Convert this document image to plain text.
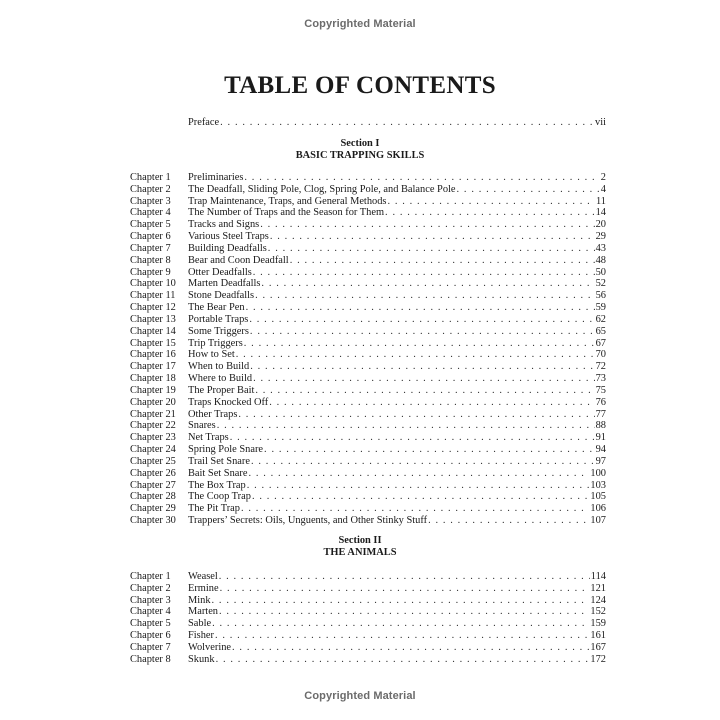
Copyrighted Material
TABLE OF CONTENTS
Preface . . .	vii
Section I
BASIC TRAPPING SKILLS
Chapter 1	Preliminaries . . .	2
Chapter 2	The Deadfall, Sliding Pole, Clog, Spring Pole, and Balance Pole . . .	4
Chapter 3	Trap Maintenance, Traps, and General Methods . . .	11
Chapter 4	The Number of Traps and the Season for Them . . .	14
Chapter 5	Tracks and Signs . . .	20
Chapter 6	Various Steel Traps . . .	29
Chapter 7	Building Deadfalls . . .	43
Chapter 8	Bear and Coon Deadfall . . .	48
Chapter 9	Otter Deadfalls . . .	50
Chapter 10	Marten Deadfalls . . .	52
Chapter 11	Stone Deadfalls . . .	56
Chapter 12	The Bear Pen . . .	59
Chapter 13	Portable Traps . . .	62
Chapter 14	Some Triggers . . .	65
Chapter 15	Trip Triggers . . .	67
Chapter 16	How to Set . . .	70
Chapter 17	When to Build . . .	72
Chapter 18	Where to Build . . .	73
Chapter 19	The Proper Bait . . .	75
Chapter 20	Traps Knocked Off . . .	76
Chapter 21	Other Traps . . .	77
Chapter 22	Snares . . .	88
Chapter 23	Net Traps . . .	91
Chapter 24	Spring Pole Snare . . .	94
Chapter 25	Trail Set Snare . . .	97
Chapter 26	Bait Set Snare . . .	100
Chapter 27	The Box Trap . . .	103
Chapter 28	The Coop Trap . . .	105
Chapter 29	The Pit Trap . . .	106
Chapter 30	Trappers’ Secrets: Oils, Unguents, and Other Stinky Stuff . . .	107
Section II
THE ANIMALS
Chapter 1	Weasel . . .	114
Chapter 2	Ermine . . .	121
Chapter 3	Mink . . .	124
Chapter 4	Marten . . .	152
Chapter 5	Sable . . .	159
Chapter 6	Fisher . . .	161
Chapter 7	Wolverine . . .	167
Chapter 8	Skunk . . .	172
Copyrighted Material
